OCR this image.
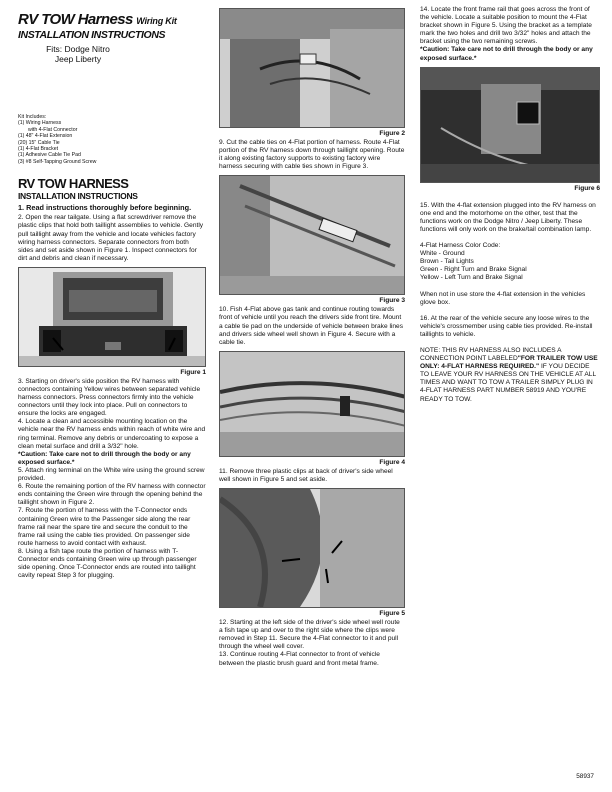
RV TOW Harness Wiring Kit

INSTALLATION INSTRUCTIONS

Fits: Dodge Nitro

Jeep Liberty

Kit Includes:
(1) Wiring Harness
with 4-Flat Connector
(1) 48" 4-Flat Extension
(20) 15" Cable Tie
(1) 4-Flat Bracket
(1) Adhesive Cable Tie Pad
(3) #8 Self-Tapping Ground Screw

RV TOW HARNESS

INSTALLATION INSTRUCTIONS

1. Read instructions thoroughly before beginning.

2. Open the rear tailgate. Using a flat screwdriver remove the plastic clips that hold both taillight assemblies to vehicle. Gently pull taillight away from the vehicle and locate vehicles factory wiring harness connectors. Separate connectors from both sides and set aside shown in Figure 1. Inspect connectors for dirt and debris and clean if necessary.

Figure 1

3. Starting on driver's side position the RV harness with connectors containing Yellow wires between separated vehicle harness connectors. Press connectors firmly into the vehicle connectors until they lock into place. Pull on connectors to ensure the locks are engaged.

4. Locate a clean and accessible mounting location on the vehicle near the RV harness ends within reach of white wire and ring terminal. Remove any debris or undercoating to expose a clean metal surface and drill a 3/32" hole.

*Caution: Take care not to drill through the body or any exposed surface.*

5. Attach ring terminal on the White wire using the ground screw provided.

6. Route the remaining portion of the RV harness with connector ends containing the Green wire through the opening behind the taillight shown in Figure 2.

7. Route the portion of harness with the T-Connector ends containing Green wire to the Passenger side along the rear frame rail near the spare tire and secure the conduit to the frame rail using the cable ties provided. On passenger side route harness to avoid contact with exhaust.

8. Using a fish tape route the portion of harness with T-Connector ends containing Green wire up through passenger side opening. Once T-Connector ends are routed into taillight cavity repeat Step 3 for plugging.

Figure 2

9. Cut the cable ties on 4-Flat portion of harness. Route 4-Flat portion of the RV harness down through taillight opening. Route it along existing factory supports to existing factory wire harness securing with cable ties shown in Figure 3.

Figure 3

10. Fish 4-Flat above gas tank and continue routing towards front of vehicle until you reach the drivers side front tire. Mount a cable tie pad on the underside of vehicle between brake lines and drivers side wheel well shown in Figure 4. Secure with a cable tie.

Figure 4

11. Remove three plastic clips at back of driver's side wheel well shown in Figure 5 and set aside.

Figure 5

12. Starting at the left side of the driver's side wheel well route a fish tape up and over to the right side where the clips were removed in Step 11. Secure the 4-Flat connector to it and pull through the wheel well cover.

13. Continue routing 4-Flat connector to front of vehicle between the plastic brush guard and front metal frame.

14. Locate the front frame rail that goes across the front of the vehicle. Locate a suitable position to mount the 4-Flat bracket shown in Figure 5. Using the bracket as a template mark the two holes and drill two 3/32" holes and attach the bracket using the two remaining screws.

*Caution: Take care not to drill through the body or any exposed surface.*

Figure 6

15. With the 4-flat extension plugged into the RV harness on one end and the motorhome on the other, test that the functions work on the Dodge Nitro / Jeep Liberty. These functions will only work on the brake/tail combination lamp.

4-Flat Harness Color Code:

White - Ground

Brown - Tail Lights

Green - Right Turn and Brake Signal

Yellow - Left Turn and Brake Signal

When not in use store the 4-flat extension in the vehicles glove box.

16. At the rear of the vehicle secure any loose wires to the vehicle's crossmember using cable ties provided. Re-install taillights to vehicle.

NOTE: THIS RV HARNESS ALSO INCLUDES A CONNECTION POINT LABELED"FOR TRAILER TOW USE ONLY: 4-FLAT HARNESS REQUIRED." IF YOU DECIDE TO LEAVE YOUR RV HARNESS ON THE VEHICLE AT ALL TIMES AND WANT TO TOW A TRAILER SIMPLY PLUG IN 4-FLAT HARNESS PART NUMBER 58919 AND YOU'RE READY TO TOW.

58937
